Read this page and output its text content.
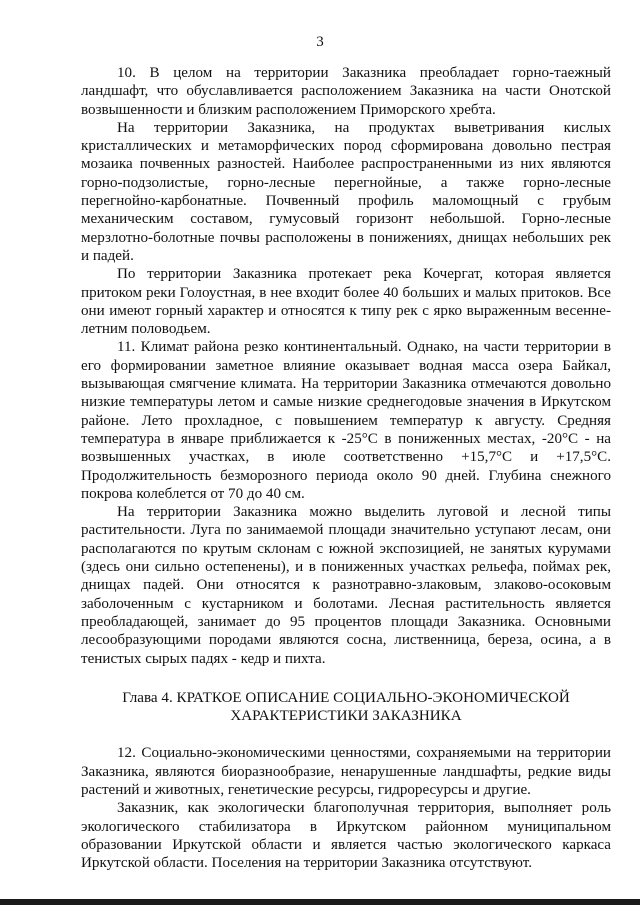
3

10. В целом на территории Заказника преобладает горно-таежный ландшафт, что обуславливается расположением Заказника на части Онотской возвышенности и близким расположением Приморского хребта.

На территории Заказника, на продуктах выветривания кислых кристаллических и метаморфических пород сформирована довольно пестрая мозаика почвенных разностей. Наиболее распространенными из них являются горно-подзолистые, горно-лесные перегнойные, а также горно-лесные перегнойно-карбонатные. Почвенный профиль маломощный с грубым механическим составом, гумусовый горизонт небольшой. Горно-лесные мерзлотно-болотные почвы расположены в понижениях, днищах небольших рек и падей.

По территории Заказника протекает река Кочергат, которая является притоком реки Голоустная, в нее входит более 40 больших и малых притоков. Все они имеют горный характер и относятся к типу рек с ярко выраженным весенне-летним половодьем.

11. Климат района резко континентальный. Однако, на части территории в его формировании заметное влияние оказывает водная масса озера Байкал, вызывающая смягчение климата. На территории Заказника отмечаются довольно низкие температуры летом и самые низкие среднегодовые значения в Иркутском районе. Лето прохладное, с повышением температур к августу. Средняя температура в январе приближается к -25°С в пониженных местах, -20°С - на возвышенных участках, в июле соответственно +15,7°С и +17,5°С. Продолжительность безморозного периода около 90 дней. Глубина снежного покрова колеблется от 70 до 40 см.

На территории Заказника можно выделить луговой и лесной типы растительности. Луга по занимаемой площади значительно уступают лесам, они располагаются по крутым склонам с южной экспозицией, не занятых курумами (здесь они сильно остепенены), и в пониженных участках рельефа, поймах рек, днищах падей. Они относятся к разнотравно-злаковым, злаково-осоковым заболоченным с кустарником и болотами. Лесная растительность является преобладающей, занимает до 95 процентов площади Заказника. Основными лесообразующими породами являются сосна, лиственница, береза, осина, а в тенистых сырых падях - кедр и пихта.

Глава 4. КРАТКОЕ ОПИСАНИЕ СОЦИАЛЬНО-ЭКОНОМИЧЕСКОЙ
ХАРАКТЕРИСТИКИ ЗАКАЗНИКА

12. Социально-экономическими ценностями, сохраняемыми на территории Заказника, являются биоразнообразие, ненарушенные ландшафты, редкие виды растений и животных, генетические ресурсы, гидроресурсы и другие.

Заказник, как экологически благополучная территория, выполняет роль экологического стабилизатора в Иркутском районном муниципальном образовании Иркутской области и является частью экологического каркаса Иркутской области. Поселения на территории Заказника отсутствуют.
